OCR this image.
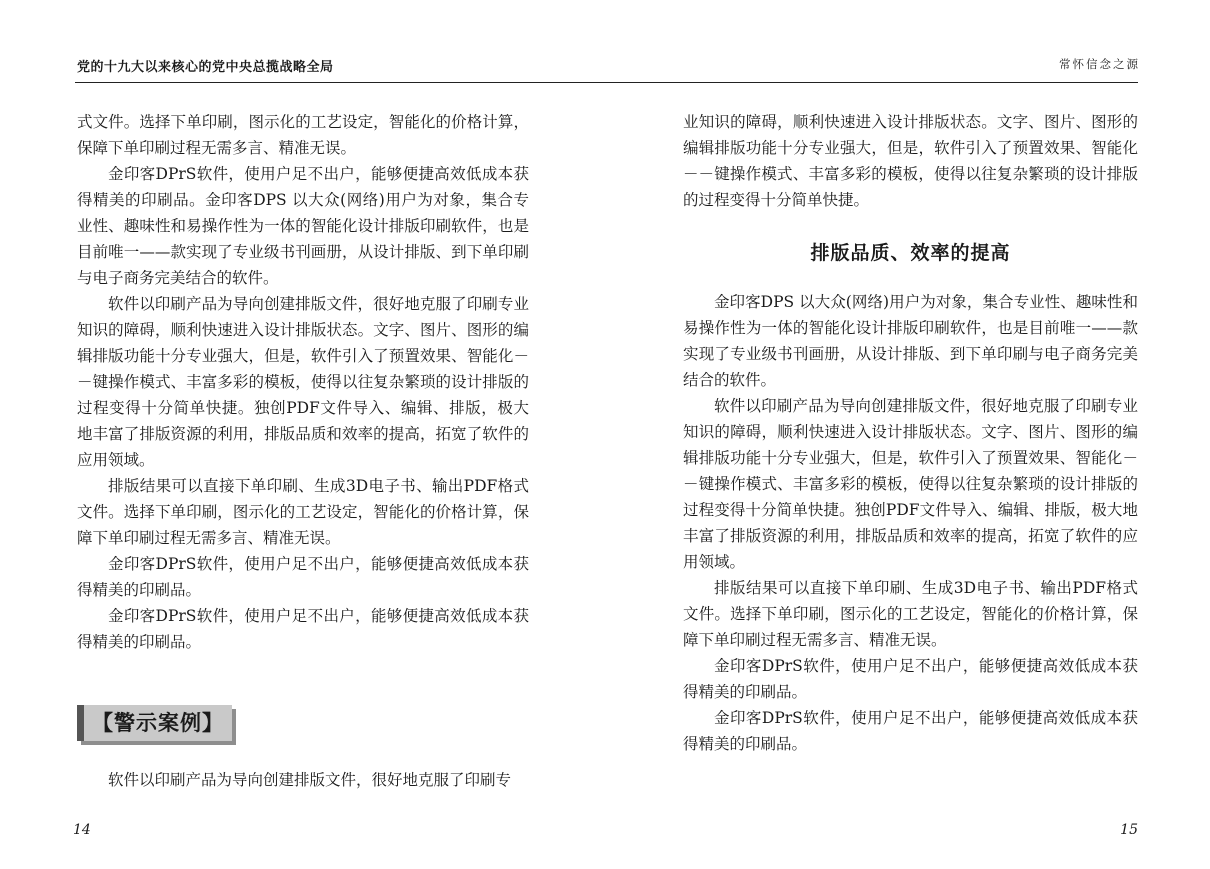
党的十九大以来核心的党中央总揽战略全局

式文件。选择下单印刷，图示化的工艺设定，智能化的价格计算，保障下单印刷过程无需多言、精准无误。

金印客DPrS软件，使用户足不出户，能够便捷高效低成本获得精美的印刷品。金印客DPS 以大众(网络)用户为对象，集合专业性、趣味性和易操作性为一体的智能化设计排版印刷软件，也是目前唯一——款实现了专业级书刊画册，从设计排版、到下单印刷与电子商务完美结合的软件。

软件以印刷产品为导向创建排版文件，很好地克服了印刷专业知识的障碍，顺利快速进入设计排版状态。文字、图片、图形的编辑排版功能十分专业强大，但是，软件引入了预置效果、智能化－－键操作模式、丰富多彩的模板，使得以往复杂繁琐的设计排版的过程变得十分简单快捷。独创PDF文件导入、编辑、排版，极大地丰富了排版资源的利用，排版品质和效率的提高，拓宽了软件的应用领域。

排版结果可以直接下单印刷、生成3D电子书、输出PDF格式文件。选择下单印刷，图示化的工艺设定，智能化的价格计算，保障下单印刷过程无需多言、精准无误。

金印客DPrS软件，使用户足不出户，能够便捷高效低成本获得精美的印刷品。

金印客DPrS软件，使用户足不出户，能够便捷高效低成本获得精美的印刷品。

【警示案例】

软件以印刷产品为导向创建排版文件，很好地克服了印刷专

14
常怀信念之源

业知识的障碍，顺利快速进入设计排版状态。文字、图片、图形的编辑排版功能十分专业强大，但是，软件引入了预置效果、智能化－－键操作模式、丰富多彩的模板，使得以往复杂繁琐的设计排版的过程变得十分简单快捷。

排版品质、效率的提高

金印客DPS 以大众(网络)用户为对象，集合专业性、趣味性和易操作性为一体的智能化设计排版印刷软件，也是目前唯一——款实现了专业级书刊画册，从设计排版、到下单印刷与电子商务完美结合的软件。

软件以印刷产品为导向创建排版文件，很好地克服了印刷专业知识的障碍，顺利快速进入设计排版状态。文字、图片、图形的编辑排版功能十分专业强大，但是，软件引入了预置效果、智能化－－键操作模式、丰富多彩的模板，使得以往复杂繁琐的设计排版的过程变得十分简单快捷。独创PDF文件导入、编辑、排版，极大地丰富了排版资源的利用，排版品质和效率的提高，拓宽了软件的应用领域。

排版结果可以直接下单印刷、生成3D电子书、输出PDF格式文件。选择下单印刷，图示化的工艺设定，智能化的价格计算，保障下单印刷过程无需多言、精准无误。

金印客DPrS软件，使用户足不出户，能够便捷高效低成本获得精美的印刷品。

金印客DPrS软件，使用户足不出户，能够便捷高效低成本获得精美的印刷品。

15
